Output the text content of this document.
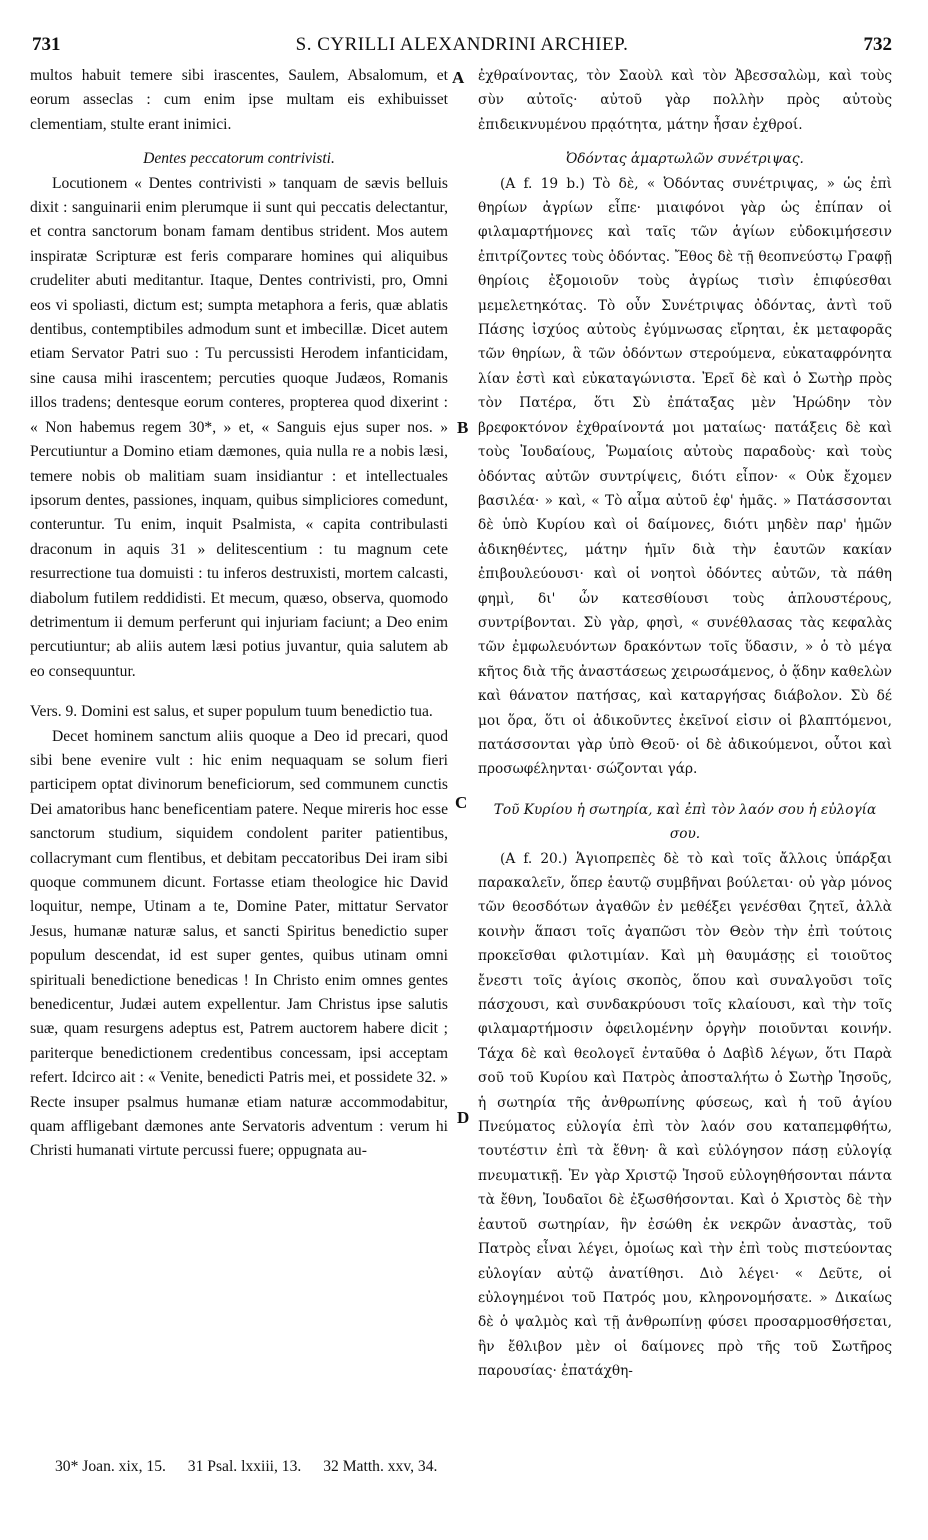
731	S. CYRILLI ALEXANDRINI ARCHIEP.	732

multos habuit temere sibi irascentes, Saulem, Absalomum, et eorum asseclas : cum enim ipse multam eis exhibuisset clementiam, stulte erant inimici.

Dentes peccatorum contrivisti.

Locutionem « Dentes contrivisti » tanquam de sævis belluis dixit : sanguinarii enim plerumque ii sunt qui peccatis delectantur, et contra sanctorum bonam famam dentibus strident. Mos autem inspiratæ Scripturæ est feris comparare homines qui aliquibus crudeliter abuti meditantur. Itaque, Dentes contrivisti, pro, Omni eos vi spoliasti, dictum est; sumpta metaphora a feris, quæ ablatis dentibus, contemptibiles admodum sunt et imbecillæ. Dicet autem etiam Servator Patri suo : Tu percussisti Herodem infanticidam, sine causa mihi irascentem; percuties quoque Judæos, Romanis illos tradens; dentesque eorum conteres, propterea quod dixerint : « Non habemus regem 30*, » et, « Sanguis ejus super nos. » Percutiuntur a Domino etiam dæmones, quia nulla re a nobis læsi, temere nobis ob malitiam suam insidiantur : et intellectuales ipsorum dentes, passiones, inquam, quibus simpliciores comedunt, conteruntur. Tu enim, inquit Psalmista, « capita contribulasti draconum in aquis 31 » delitescentium : tu magnum cete resurrectione tua domuisti : tu inferos destruxisti, mortem calcasti, diabolum futilem reddidisti. Et mecum, quæso, observa, quomodo detrimentum ii demum perferunt qui injuriam faciunt; a Deo enim percutiuntur; ab aliis autem læsi potius juvantur, quia salutem ab eo consequuntur.

Vers. 9. Domini est salus, et super populum tuum benedictio tua.

Decet hominem sanctum aliis quoque a Deo id precari, quod sibi bene evenire vult : hic enim nequaquam se solum fieri participem optat divinorum beneficiorum, sed communem cunctis Dei amatoribus hanc beneficentiam patere. Neque mireris hoc esse sanctorum studium, siquidem condolent pariter patientibus, collacrymant cum flentibus, et debitam peccatoribus Dei iram sibi quoque communem dicunt. Fortasse etiam theologice hic David loquitur, nempe, Utinam a te, Domine Pater, mittatur Servator Jesus, humanæ naturæ salus, et sancti Spiritus benedictio super populum descendat, id est super gentes, quibus utinam omni spirituali benedictione benedicas ! In Christo enim omnes gentes benedicentur, Judæi autem expellentur. Jam Christus ipse salutis suæ, quam resurgens adeptus est, Patrem auctorem habere dicit ; pariterque benedictionem credentibus concessam, ipsi acceptam refert. Idcirco ait : « Venite, benedicti Patris mei, et possidete 32. » Recte insuper psalmus humanæ etiam naturæ accommodabitur, quam affligebant dæmones ante Servatoris adventum : verum hi Christi humanati virtute percussi fuere; oppugnata au-

A
B
C
D

ἐχθραίνοντας, τὸν Σαοὺλ καὶ τὸν Ἀβεσσαλὼμ, καὶ τοὺς σὺν αὐτοῖς· αὐτοῦ γὰρ πολλὴν πρὸς αὐτοὺς ἐπιδεικνυμένου πρᾳότητα, μάτην ἦσαν ἐχθροί.

Ὀδόντας ἁμαρτωλῶν συνέτριψας.

(A f. 19 b.) Τὸ δὲ, « Ὀδόντας συνέτριψας, » ὡς ἐπὶ θηρίων ἀγρίων εἶπε· μιαιφόνοι γὰρ ὡς ἐπίπαν οἱ φιλαμαρτήμονες καὶ ταῖς τῶν ἁγίων εὐδοκιμήσεσιν ἐπιτρίζοντες τοὺς ὀδόντας. Ἔθος δὲ τῇ θεοπνεύστῳ Γραφῇ θηρίοις ἐξομοιοῦν τοὺς ἀγρίως τισὶν ἐπιφύεσθαι μεμελετηκότας. Τὸ οὖν Συνέτριψας ὀδόντας, ἀντὶ τοῦ Πάσης ἰσχύος αὐτοὺς ἐγύμνωσας εἴρηται, ἐκ μεταφορᾶς τῶν θηρίων, ἃ τῶν ὀδόντων στερούμενα, εὐκαταφρόνητα λίαν ἐστὶ καὶ εὐκαταγώνιστα. Ἐρεῖ δὲ καὶ ὁ Σωτὴρ πρὸς τὸν Πατέρα, ὅτι Σὺ ἐπάταξας μὲν Ἡρώδην τὸν βρεφοκτόνον ἐχθραίνοντά μοι ματαίως· πατάξεις δὲ καὶ τοὺς Ἰουδαίους, Ῥωμαίοις αὐτοὺς παραδοὺς· καὶ τοὺς ὀδόντας αὐτῶν συντρίψεις, διότι εἶπον· « Οὐκ ἔχομεν βασιλέα· » καὶ, « Τὸ αἷμα αὐτοῦ ἐφ' ἡμᾶς. » Πατάσσονται δὲ ὑπὸ Κυρίου καὶ οἱ δαίμονες, διότι μηδὲν παρ' ἡμῶν ἀδικηθέντες, μάτην ἡμῖν διὰ τὴν ἑαυτῶν κακίαν ἐπιβουλεύουσι· καὶ οἱ νοητοὶ ὀδόντες αὐτῶν, τὰ πάθη φημὶ, δι' ὧν κατεσθίουσι τοὺς ἁπλουστέρους, συντρίβονται. Σὺ γὰρ, φησὶ, « συνέθλασας τὰς κεφαλὰς τῶν ἐμφωλευόντων δρακόντων τοῖς ὕδασιν, » ὁ τὸ μέγα κῆτος διὰ τῆς ἀναστάσεως χειρωσάμενος, ὁ ᾅδην καθελὼν καὶ θάνατον πατήσας, καὶ καταργήσας διάβολον. Σὺ δέ μοι ὅρα, ὅτι οἱ ἀδικοῦντες ἐκεῖνοί εἰσιν οἱ βλαπτόμενοι, πατάσσονται γὰρ ὑπὸ Θεοῦ· οἱ δὲ ἀδικούμενοι, οὗτοι καὶ προσωφέληνται· σώζονται γάρ.

Τοῦ Κυρίου ἡ σωτηρία, καὶ ἐπὶ τὸν λαόν σου ἡ εὐλογία σου.

(A f. 20.) Ἁγιοπρεπὲς δὲ τὸ καὶ τοῖς ἄλλοις ὑπάρξαι παρακαλεῖν, ὅπερ ἑαυτῷ συμβῆναι βούλεται· οὐ γὰρ μόνος τῶν θεοσδότων ἀγαθῶν ἐν μεθέξει γενέσθαι ζητεῖ, ἀλλὰ κοινὴν ἅπασι τοῖς ἀγαπῶσι τὸν Θεὸν τὴν ἐπὶ τούτοις προκεῖσθαι φιλοτιμίαν. Καὶ μὴ θαυμάσῃς εἰ τοιοῦτος ἔνεστι τοῖς ἁγίοις σκοπὸς, ὅπου καὶ συναλγοῦσι τοῖς πάσχουσι, καὶ συνδακρύουσι τοῖς κλαίουσι, καὶ τὴν τοῖς φιλαμαρτήμοσιν ὀφειλομένην ὀργὴν ποιοῦνται κοινήν. Τάχα δὲ καὶ θεολογεῖ ἐνταῦθα ὁ Δαβὶδ λέγων, ὅτι Παρὰ σοῦ τοῦ Κυρίου καὶ Πατρὸς ἀποσταλήτω ὁ Σωτὴρ Ἰησοῦς, ἡ σωτηρία τῆς ἀνθρωπίνης φύσεως, καὶ ἡ τοῦ ἁγίου Πνεύματος εὐλογία ἐπὶ τὸν λαόν σου καταπεμφθήτω, τουτέστιν ἐπὶ τὰ ἔθνη· ἃ καὶ εὐλόγησον πάσῃ εὐλογίᾳ πνευματικῇ. Ἐν γὰρ Χριστῷ Ἰησοῦ εὐλογηθήσονται πάντα τὰ ἔθνη, Ἰουδαῖοι δὲ ἐξωσθήσονται. Καὶ ὁ Χριστὸς δὲ τὴν ἑαυτοῦ σωτηρίαν, ἣν ἐσώθη ἐκ νεκρῶν ἀναστὰς, τοῦ Πατρὸς εἶναι λέγει, ὁμοίως καὶ τὴν ἐπὶ τοὺς πιστεύοντας εὐλογίαν αὐτῷ ἀνατίθησι. Διὸ λέγει· « Δεῦτε, οἱ εὐλογημένοι τοῦ Πατρός μου, κληρονομήσατε. » Δικαίως δὲ ὁ ψαλμὸς καὶ τῇ ἀνθρωπίνῃ φύσει προσαρμοσθήσεται, ἣν ἔθλιβον μὲν οἱ δαίμονες πρὸ τῆς τοῦ Σωτῆρος παρουσίας· ἐπατάχθη-

30* Joan. xix, 15. 31 Psal. lxxiii, 13. 32 Matth. xxv, 34.
